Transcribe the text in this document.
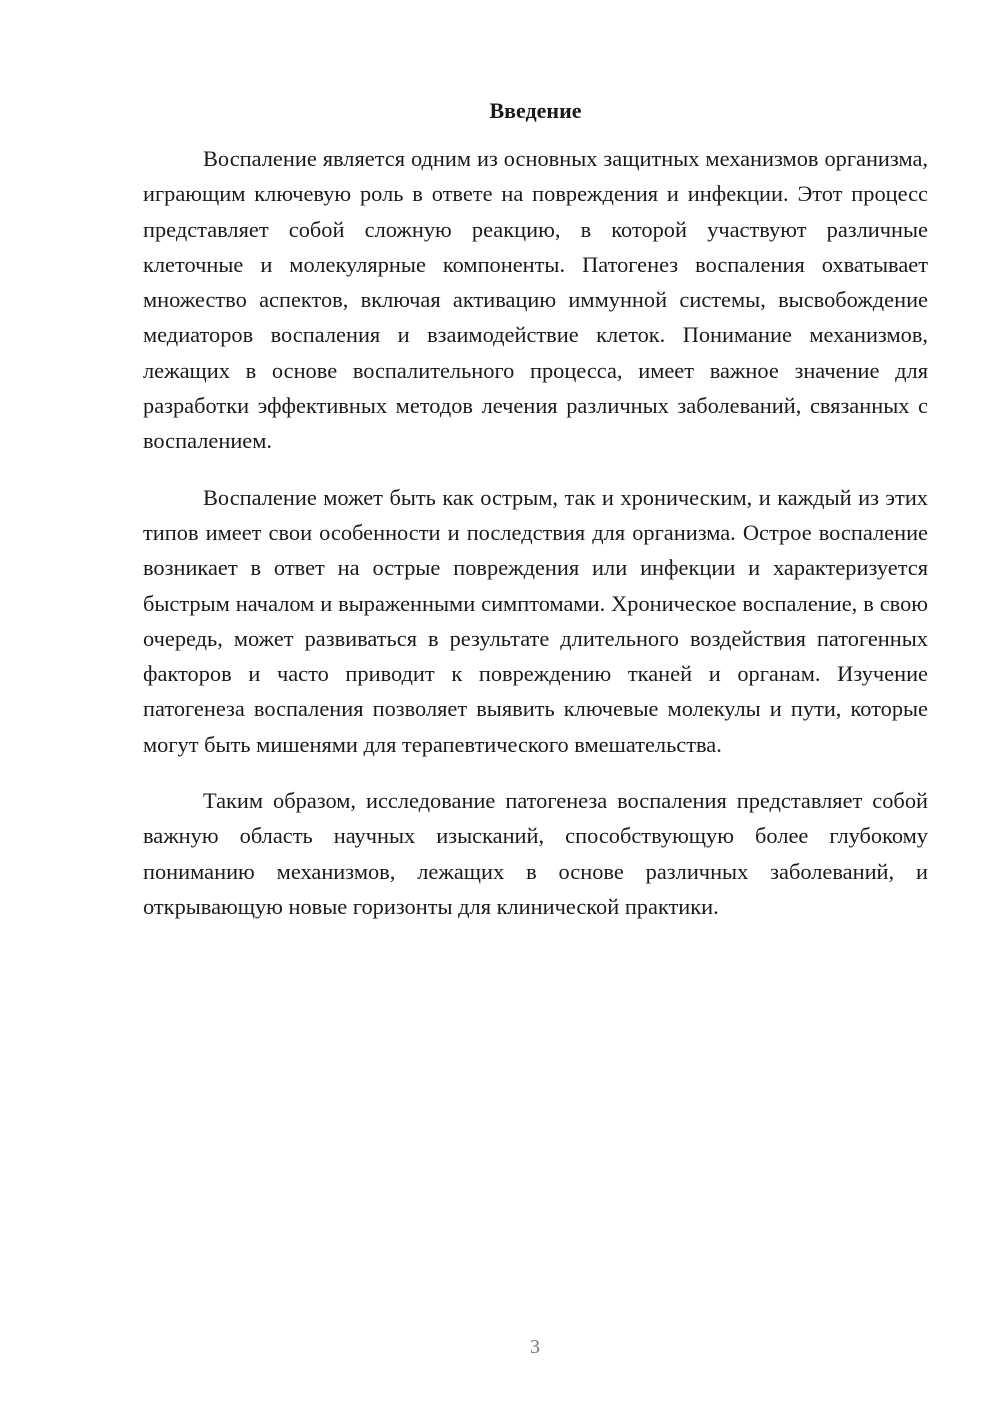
Введение

Воспаление является одним из основных защитных механизмов организма, играющим ключевую роль в ответе на повреждения и инфекции. Этот процесс представляет собой сложную реакцию, в которой участвуют различные клеточные и молекулярные компоненты. Патогенез воспаления охватывает множество аспектов, включая активацию иммунной системы, высвобождение медиаторов воспаления и взаимодействие клеток. Понимание механизмов, лежащих в основе воспалительного процесса, имеет важное значение для разработки эффективных методов лечения различных заболеваний, связанных с воспалением.

Воспаление может быть как острым, так и хроническим, и каждый из этих типов имеет свои особенности и последствия для организма. Острое воспаление возникает в ответ на острые повреждения или инфекции и характеризуется быстрым началом и выраженными симптомами. Хроническое воспаление, в свою очередь, может развиваться в результате длительного воздействия патогенных факторов и часто приводит к повреждению тканей и органам. Изучение патогенеза воспаления позволяет выявить ключевые молекулы и пути, которые могут быть мишенями для терапевтического вмешательства.

Таким образом, исследование патогенеза воспаления представляет собой важную область научных изысканий, способствующую более глубокому пониманию механизмов, лежащих в основе различных заболеваний, и открывающую новые горизонты для клинической практики.

3
